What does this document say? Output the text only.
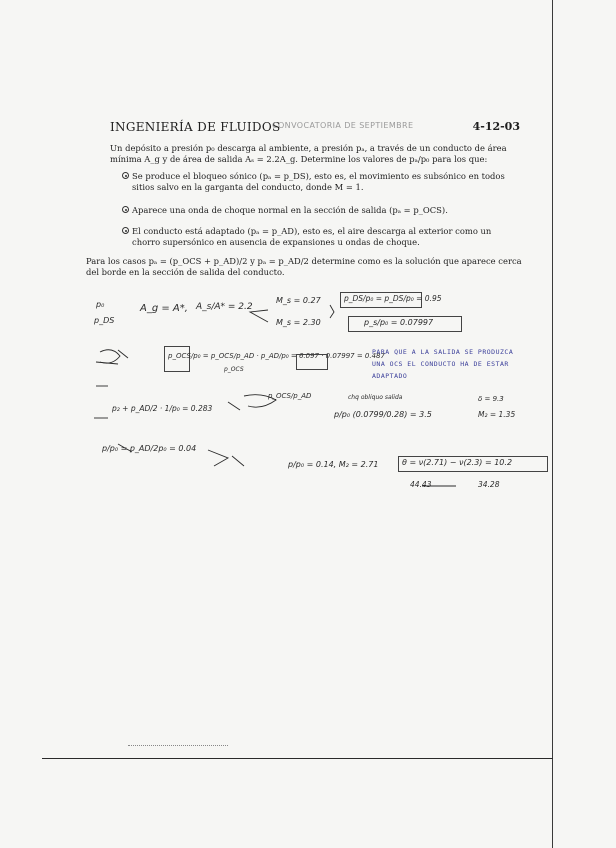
INGENIERÍA DE FLUIDOS
CONVOCATORIA DE SEPTIEMBRE	4-12-03
Un depósito a presión p₀ descarga al ambiente, a presión pₐ, a través de un conducto de área mínima A_g y de área de salida Aₛ = 2.2A_g. Determine los valores de pₐ/p₀ para los que:
Se produce el bloqueo sónico (pₐ = p_DS), esto es, el movimiento es subsónico en todos sitios salvo en la garganta del conducto, donde M = 1.
Aparece una onda de choque normal en la sección de salida (pₐ = p_OCS).
El conducto está adaptado (pₐ = p_AD), esto es, el aire descarga al exterior como un chorro supersónico en ausencia de expansiones u ondas de choque.
Para los casos pₐ = (p_OCS + p_AD)/2 y pₐ = p_AD/2 determine como es la solución que aparece cerca del borde en la sección de salida del conducto.
p₀
p_DS
A_g = A*, A_s/A* = 2.2
M_s = 0.27
M_s = 2.30
p_DS/p₀ = p_DS/p₀ = 0.95
p_s/p₀ = 0.07997
p_OCS/p₀ = p_OCS/p_AD · p_AD/p₀ = 6.097 · 0.07997 = 0.487
p_OCS
PARA QUE A LA SALIDA SE PRODUZCA UNA OCS EL CONDUCTO HA DE ESTAR ADAPTADO
p₂ + p_AD/2 · 1/p₀ = 0.283
p_OCS/p_AD	chq obliquo salida
p/p₀ (0.0799/0.28) = 3.5
δ = 9.3
M₂ = 1.35
p/p₀ = p_AD/2p₀ = 0.04
p/p₀ = 0.14, M₂ = 2.71	θ = ν(2.71) − ν(2.3) = 10.2
44.43	34.28
